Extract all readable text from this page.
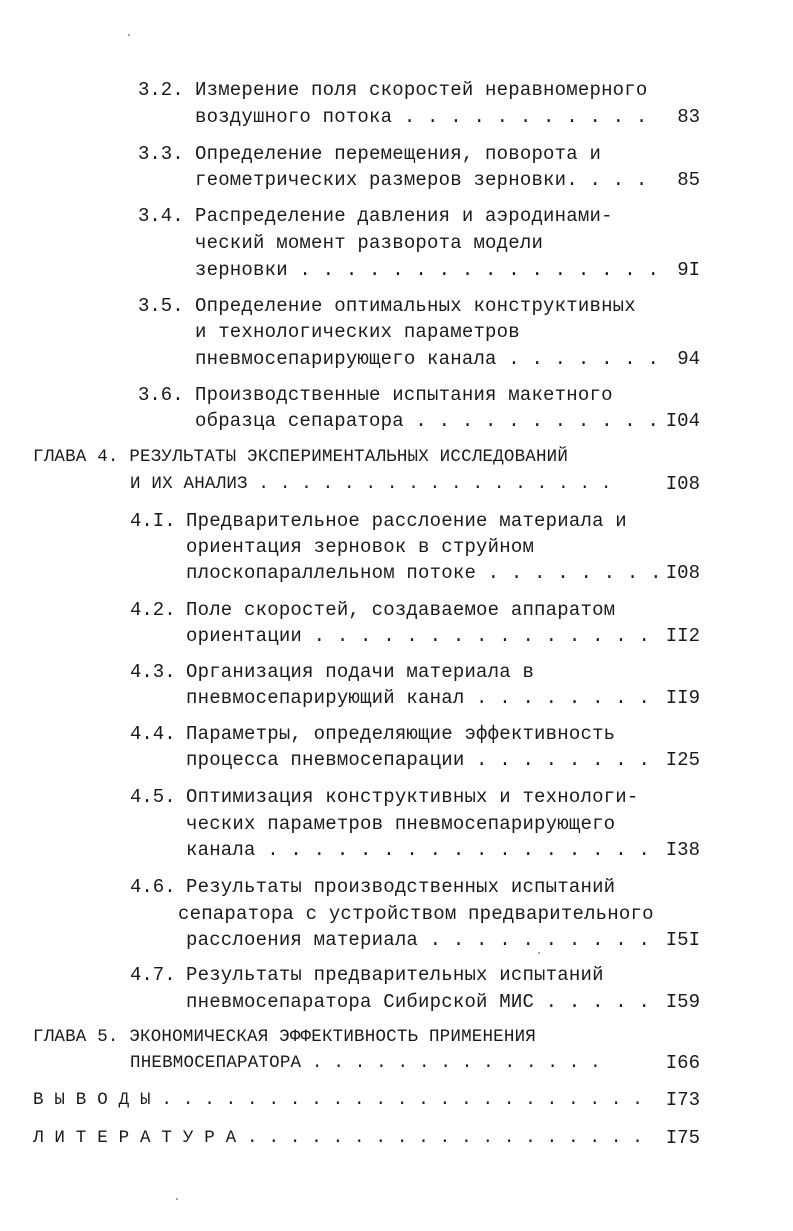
3.2. Измерение поля скоростей неравномерного
воздушного потока . . . . . . . . . . .	83
3.3. Определение перемещения, поворота и
геометрических размеров зерновки. . . .	85
3.4. Распределение давления и аэродинами-
ческий момент разворота модели
зерновки . . . . . . . . . . . . . . . . 9I
3.5. Определение оптимальных конструктивных
и технологических параметров
пневмосепарирующего канала . . . . . . . 94
3.6. Производственные испытания макетного
образца сепаратора . . . . . . . . . . . I04
ГЛАВА 4. РЕЗУЛЬТАТЫ ЭКСПЕРИМЕНТАЛЬНЫХ ИССЛЕДОВАНИЙ
И ИХ АНАЛИЗ . . . . . . . . . . . . . . . . .	I08
4.I. Предварительное расслоение материала и
ориентация зерновок в струйном
плоскопараллельном потоке . . . . . . . . I08
4.2. Поле скоростей, создаваемое аппаратом
ориентации . . . . . . . . . . . . . . . II2
4.3. Организация подачи материала в
пневмосепарирующий канал . . . . . . . . II9
4.4. Параметры, определяющие эффективность
процесса пневмосепарации . . . . . . . . I25
4.5. Оптимизация конструктивных и технологи-
ческих параметров пневмосепарирующего
канала . . . . . . . . . . . . . . . . . I38
4.6. Результаты производственных испытаний
сепаратора с устройством предварительного
расслоения материала . . . . . . . . . . I5I
4.7. Результаты предварительных испытаний
пневмосепаратора Сибирской МИС . . . . . I59
ГЛАВА 5. ЭКОНОМИЧЕСКАЯ ЭФФЕКТИВНОСТЬ ПРИМЕНЕНИЯ
ПНЕВМОСЕПАРАТОРА . . . . . . . . . . . . . .	I66
В Ы В О Д Ы . . . . . . . . . . . . . . . . . . . . . . .	I73
Л И Т Е Р А Т У Р А . . . . . . . . . . . . . . . . . . .	I75
